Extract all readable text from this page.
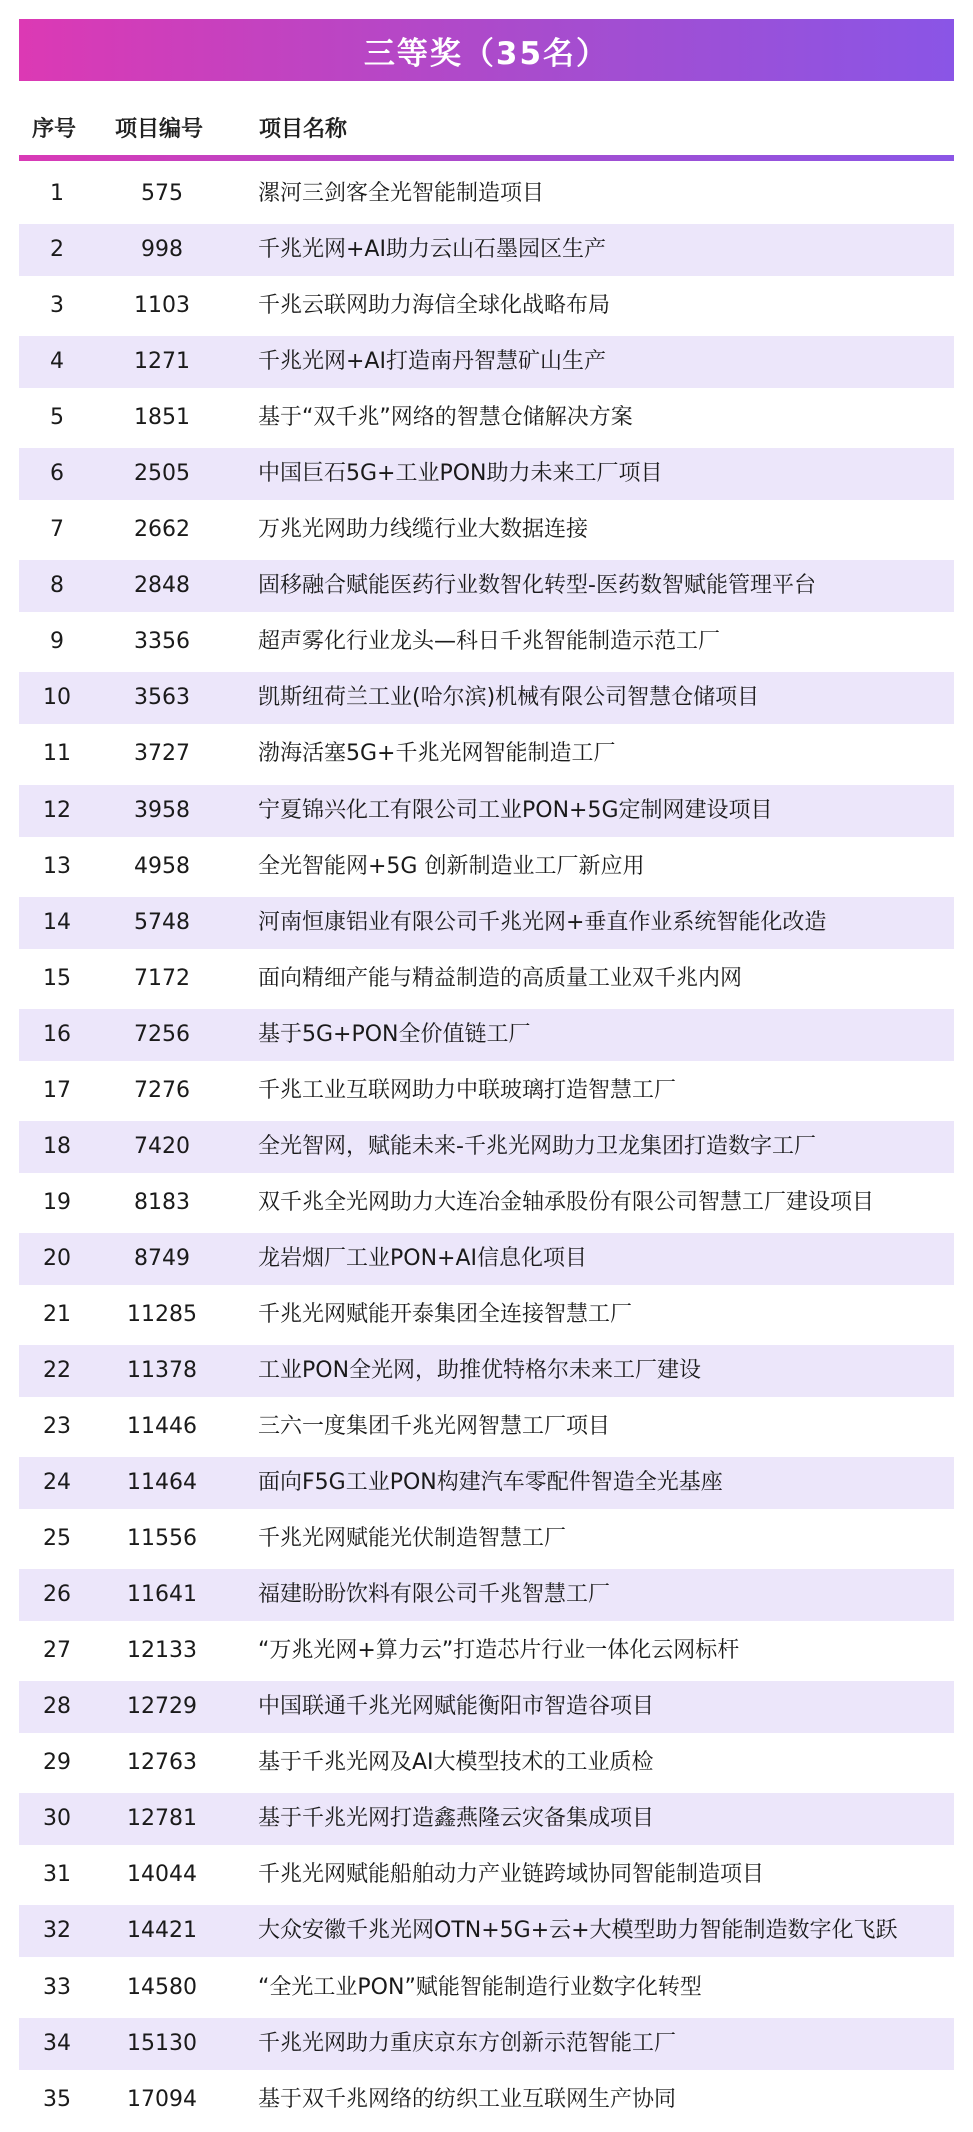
三等奖（35名）
序号 项目编号	项目名称
1	575	漯河三剑客全光智能制造项目
2	998	千兆光网+AI助力云山石墨园区生产
3	1103	千兆云联网助力海信全球化战略布局
4	1271	千兆光网+AI打造南丹智慧矿山生产
5	1851	基于“双千兆”网络的智慧仓储解决方案
6	2505	中国巨石5G+工业PON助力未来工厂项目
7	2662	万兆光网助力线缆行业大数据连接
8	2848	固移融合赋能医药行业数智化转型-医药数智赋能管理平台
9	3356	超声雾化行业龙头—科日千兆智能制造示范工厂
10	3563	凯斯纽荷兰工业(哈尔滨)机械有限公司智慧仓储项目
11	3727	渤海活塞5G+千兆光网智能制造工厂
12	3958	宁夏锦兴化工有限公司工业PON+5G定制网建设项目
13	4958	全光智能网+5G 创新制造业工厂新应用
14	5748	河南恒康铝业有限公司千兆光网+垂直作业系统智能化改造
15	7172	面向精细产能与精益制造的高质量工业双千兆内网
16	7256	基于5G+PON全价值链工厂
17	7276	千兆工业互联网助力中联玻璃打造智慧工厂
18	7420	全光智网，赋能未来-千兆光网助力卫龙集团打造数字工厂
19	8183	双千兆全光网助力大连冶金轴承股份有限公司智慧工厂建设项目
20	8749	龙岩烟厂工业PON+AI信息化项目
21	11285	千兆光网赋能开泰集团全连接智慧工厂
22	11378	工业PON全光网，助推优特格尔未来工厂建设
23	11446	三六一度集团千兆光网智慧工厂项目
24	11464	面向F5G工业PON构建汽车零配件智造全光基座
25	11556	千兆光网赋能光伏制造智慧工厂
26	11641	福建盼盼饮料有限公司千兆智慧工厂
27	12133	“万兆光网+算力云”打造芯片行业一体化云网标杆
28	12729	中国联通千兆光网赋能衡阳市智造谷项目
29	12763	基于千兆光网及AI大模型技术的工业质检
30	12781	基于千兆光网打造鑫燕隆云灾备集成项目
31	14044	千兆光网赋能船舶动力产业链跨域协同智能制造项目
32	14421	大众安徽千兆光网OTN+5G+云+大模型助力智能制造数字化飞跃
33	14580	“全光工业PON”赋能智能制造行业数字化转型
34	15130	千兆光网助力重庆京东方创新示范智能工厂
35	17094	基于双千兆网络的纺织工业互联网生产协同
